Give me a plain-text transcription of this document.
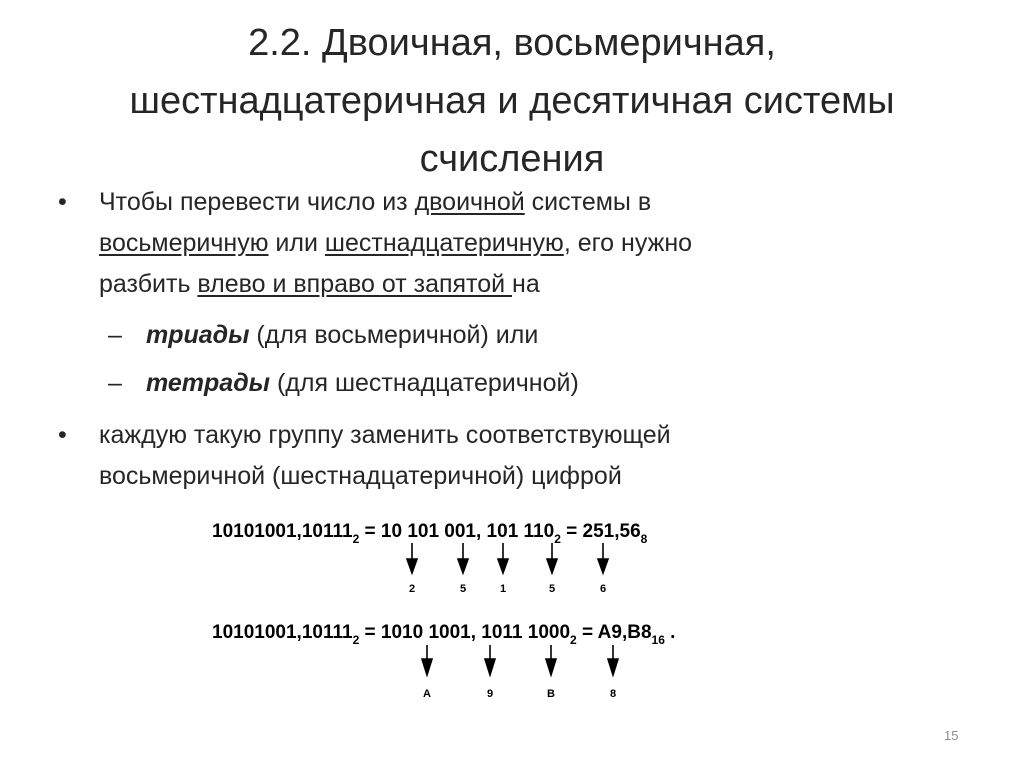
2.2. Двоичная, восьмеричная,
шестнадцатеричная и десятичная системы
счисления
• Чтобы перевести число из двоичной системы в
восьмеричную или шестнадцатеричную, его нужно
разбить влево и вправо от запятой на
– триады (для восьмеричной) или
– тетрады (для шестнадцатеричной)
• каждую такую группу заменить соответствующей
восьмеричной (шестнадцатеричной) цифрой
$10101001,10111_2 = 10$ 101 001, 101 $110_2 = 251,56_8$
2	5	1	5	6
$10101001,10111_2 = 1010$ 1001, 1011 $1000_2 = A9,B8_{16}$ .
A	9	B	8
15
